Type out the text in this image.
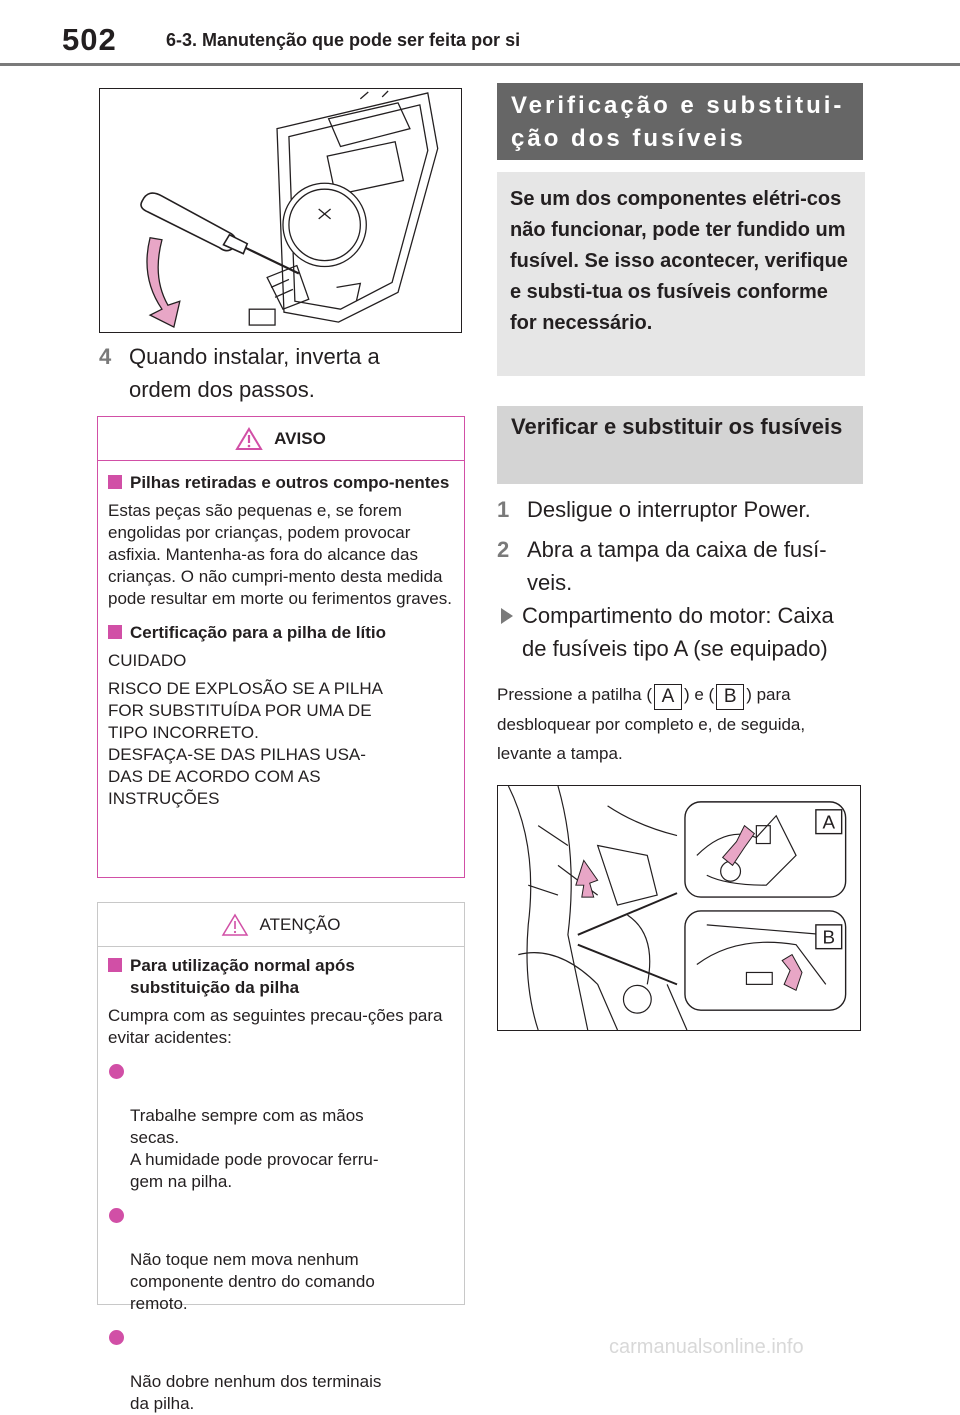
502	6-3. Manutenção que pode ser feita por si
4 Quando instalar, inverta a ordem dos passos.
AVISO
Pilhas retiradas e outros compo-nentes
Estas peças são pequenas e, se forem engolidas por crianças, podem provocar asfixia. Mantenha-as fora do alcance das crianças. O não cumpri-mento desta medida pode resultar em morte ou ferimentos graves.
Certificação para a pilha de lítio
CUIDADO
RISCO DE EXPLOSÃO SE A PILHA
FOR SUBSTITUÍDA POR UMA DE
TIPO INCORRETO.
DESFAÇA-SE DAS PILHAS USA-
DAS DE ACORDO COM AS
INSTRUÇÕES
ATENÇÃO
Para utilização normal após substituição da pilha
Cumpra com as seguintes precau-ções para evitar acidentes:

Trabalhe sempre com as mãos
secas.
A humidade pode provocar ferru-
gem na pilha.

Não toque nem mova nenhum
componente dentro do comando
remoto.

Não dobre nenhum dos terminais
da pilha.

Verificação e substitui-ção dos fusíveis
Se um dos componentes elétri-cos não funcionar, pode ter fundido um fusível. Se isso acontecer, verifique e substi-tua os fusíveis conforme for necessário.
Verificar e substituir os fusíveis
1 Desligue o interruptor Power.
2 Abra a tampa da caixa de fusí-veis.
Compartimento do motor: Caixa de fusíveis tipo A (se equipado)
Pressione a patilha ( A ) e ( B ) para desbloquear por completo e, de seguida, levante a tampa.
A
B
carmanualsonline.info
